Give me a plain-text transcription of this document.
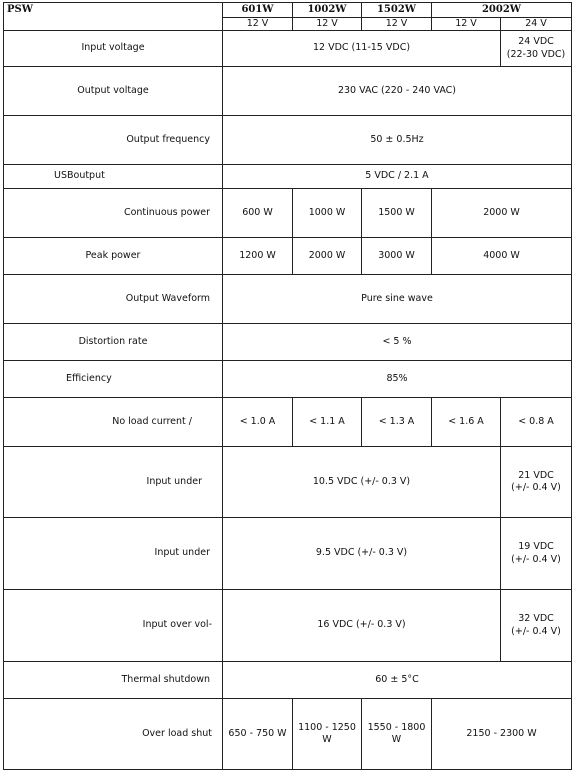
PSW	601W	1002W	1502W	2002W	
	12 V	12 V	12 V	12 V	24 V
Input voltage	12 VDC (11-15 VDC)				24 VDC
(22-30 VDC)
Output voltage	230 VAC (220 - 240 VAC)				
Output frequency	50 ± 0.5Hz				
USBoutput	5 VDC / 2.1 A				
Continuous power	600 W	1000 W	1500 W	2000 W	
Peak power	1200 W	2000 W	3000 W	4000 W	
Output Waveform	Pure sine wave				
Distortion rate	< 5 %				
Efficiency	85%				
No load current /	< 1.0 A	< 1.1 A	< 1.3 A	< 1.6 A	< 0.8 A
Input under	10.5 VDC (+/- 0.3 V)				21 VDC
(+/- 0.4 V)
Input under	9.5 VDC (+/- 0.3 V)				19 VDC
(+/- 0.4 V)
Input over vol-	16 VDC (+/- 0.3 V)				32 VDC
(+/- 0.4 V)
Thermal shutdown	60 ± 5°C				
Over load shut	650 - 750 W	1100 - 1250 W	1550 - 1800 W	2150 - 2300 W	
